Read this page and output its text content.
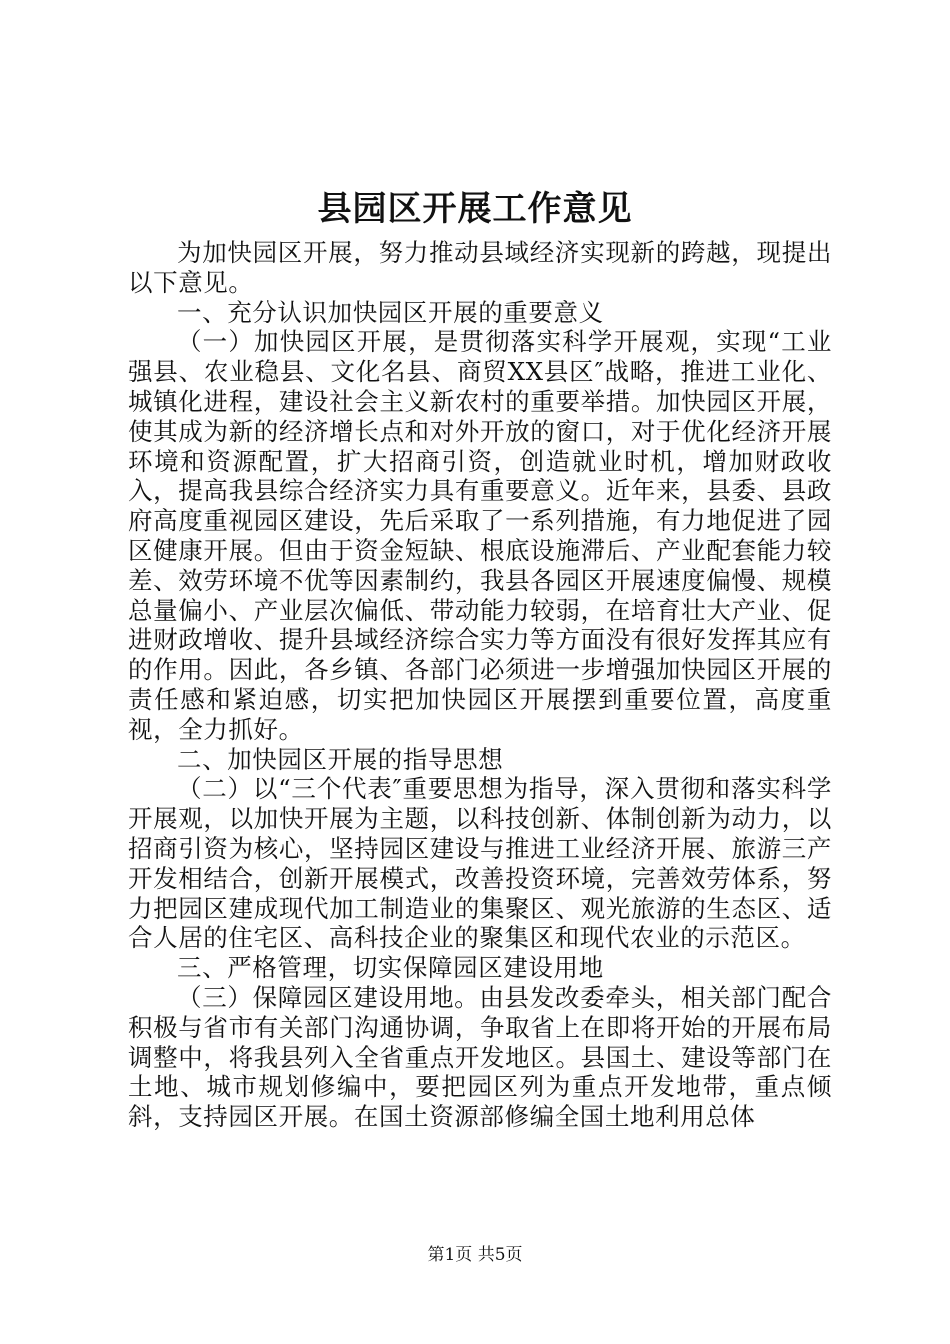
县园区开展工作意见

为加快园区开展，努力推动县域经济实现新的跨越，现提出以下意见。

一、充分认识加快园区开展的重要意义

（一）加快园区开展，是贯彻落实科学开展观，实现“工业强县、农业稳县、文化名县、商贸XX县区″战略，推进工业化、城镇化进程，建设社会主义新农村的重要举措。加快园区开展，使其成为新的经济增长点和对外开放的窗口，对于优化经济开展环境和资源配置，扩大招商引资，创造就业时机，增加财政收入，提高我县综合经济实力具有重要意义。近年来，县委、县政府高度重视园区建设，先后采取了一系列措施，有力地促进了园区健康开展。但由于资金短缺、根底设施滞后、产业配套能力较差、效劳环境不优等因素制约，我县各园区开展速度偏慢、规模总量偏小、产业层次偏低、带动能力较弱，在培育壮大产业、促进财政增收、提升县域经济综合实力等方面没有很好发挥其应有的作用。因此，各乡镇、各部门必须进一步增强加快园区开展的责任感和紧迫感，切实把加快园区开展摆到重要位置，高度重视，全力抓好。

二、加快园区开展的指导思想

（二）以“三个代表″重要思想为指导，深入贯彻和落实科学开展观，以加快开展为主题，以科技创新、体制创新为动力，以招商引资为核心，坚持园区建设与推进工业经济开展、旅游三产开发相结合，创新开展模式，改善投资环境，完善效劳体系，努力把园区建成现代加工制造业的集聚区、观光旅游的生态区、适合人居的住宅区、高科技企业的聚集区和现代农业的示范区。

三、严格管理，切实保障园区建设用地

（三）保障园区建设用地。由县发改委牵头，相关部门配合积极与省市有关部门沟通协调，争取省上在即将开始的开展布局调整中，将我县列入全省重点开发地区。县国土、建设等部门在土地、城市规划修编中，要把园区列为重点开发地带，重点倾斜，支持园区开展。在国土资源部修编全国土地利用总体

第1页 共5页
